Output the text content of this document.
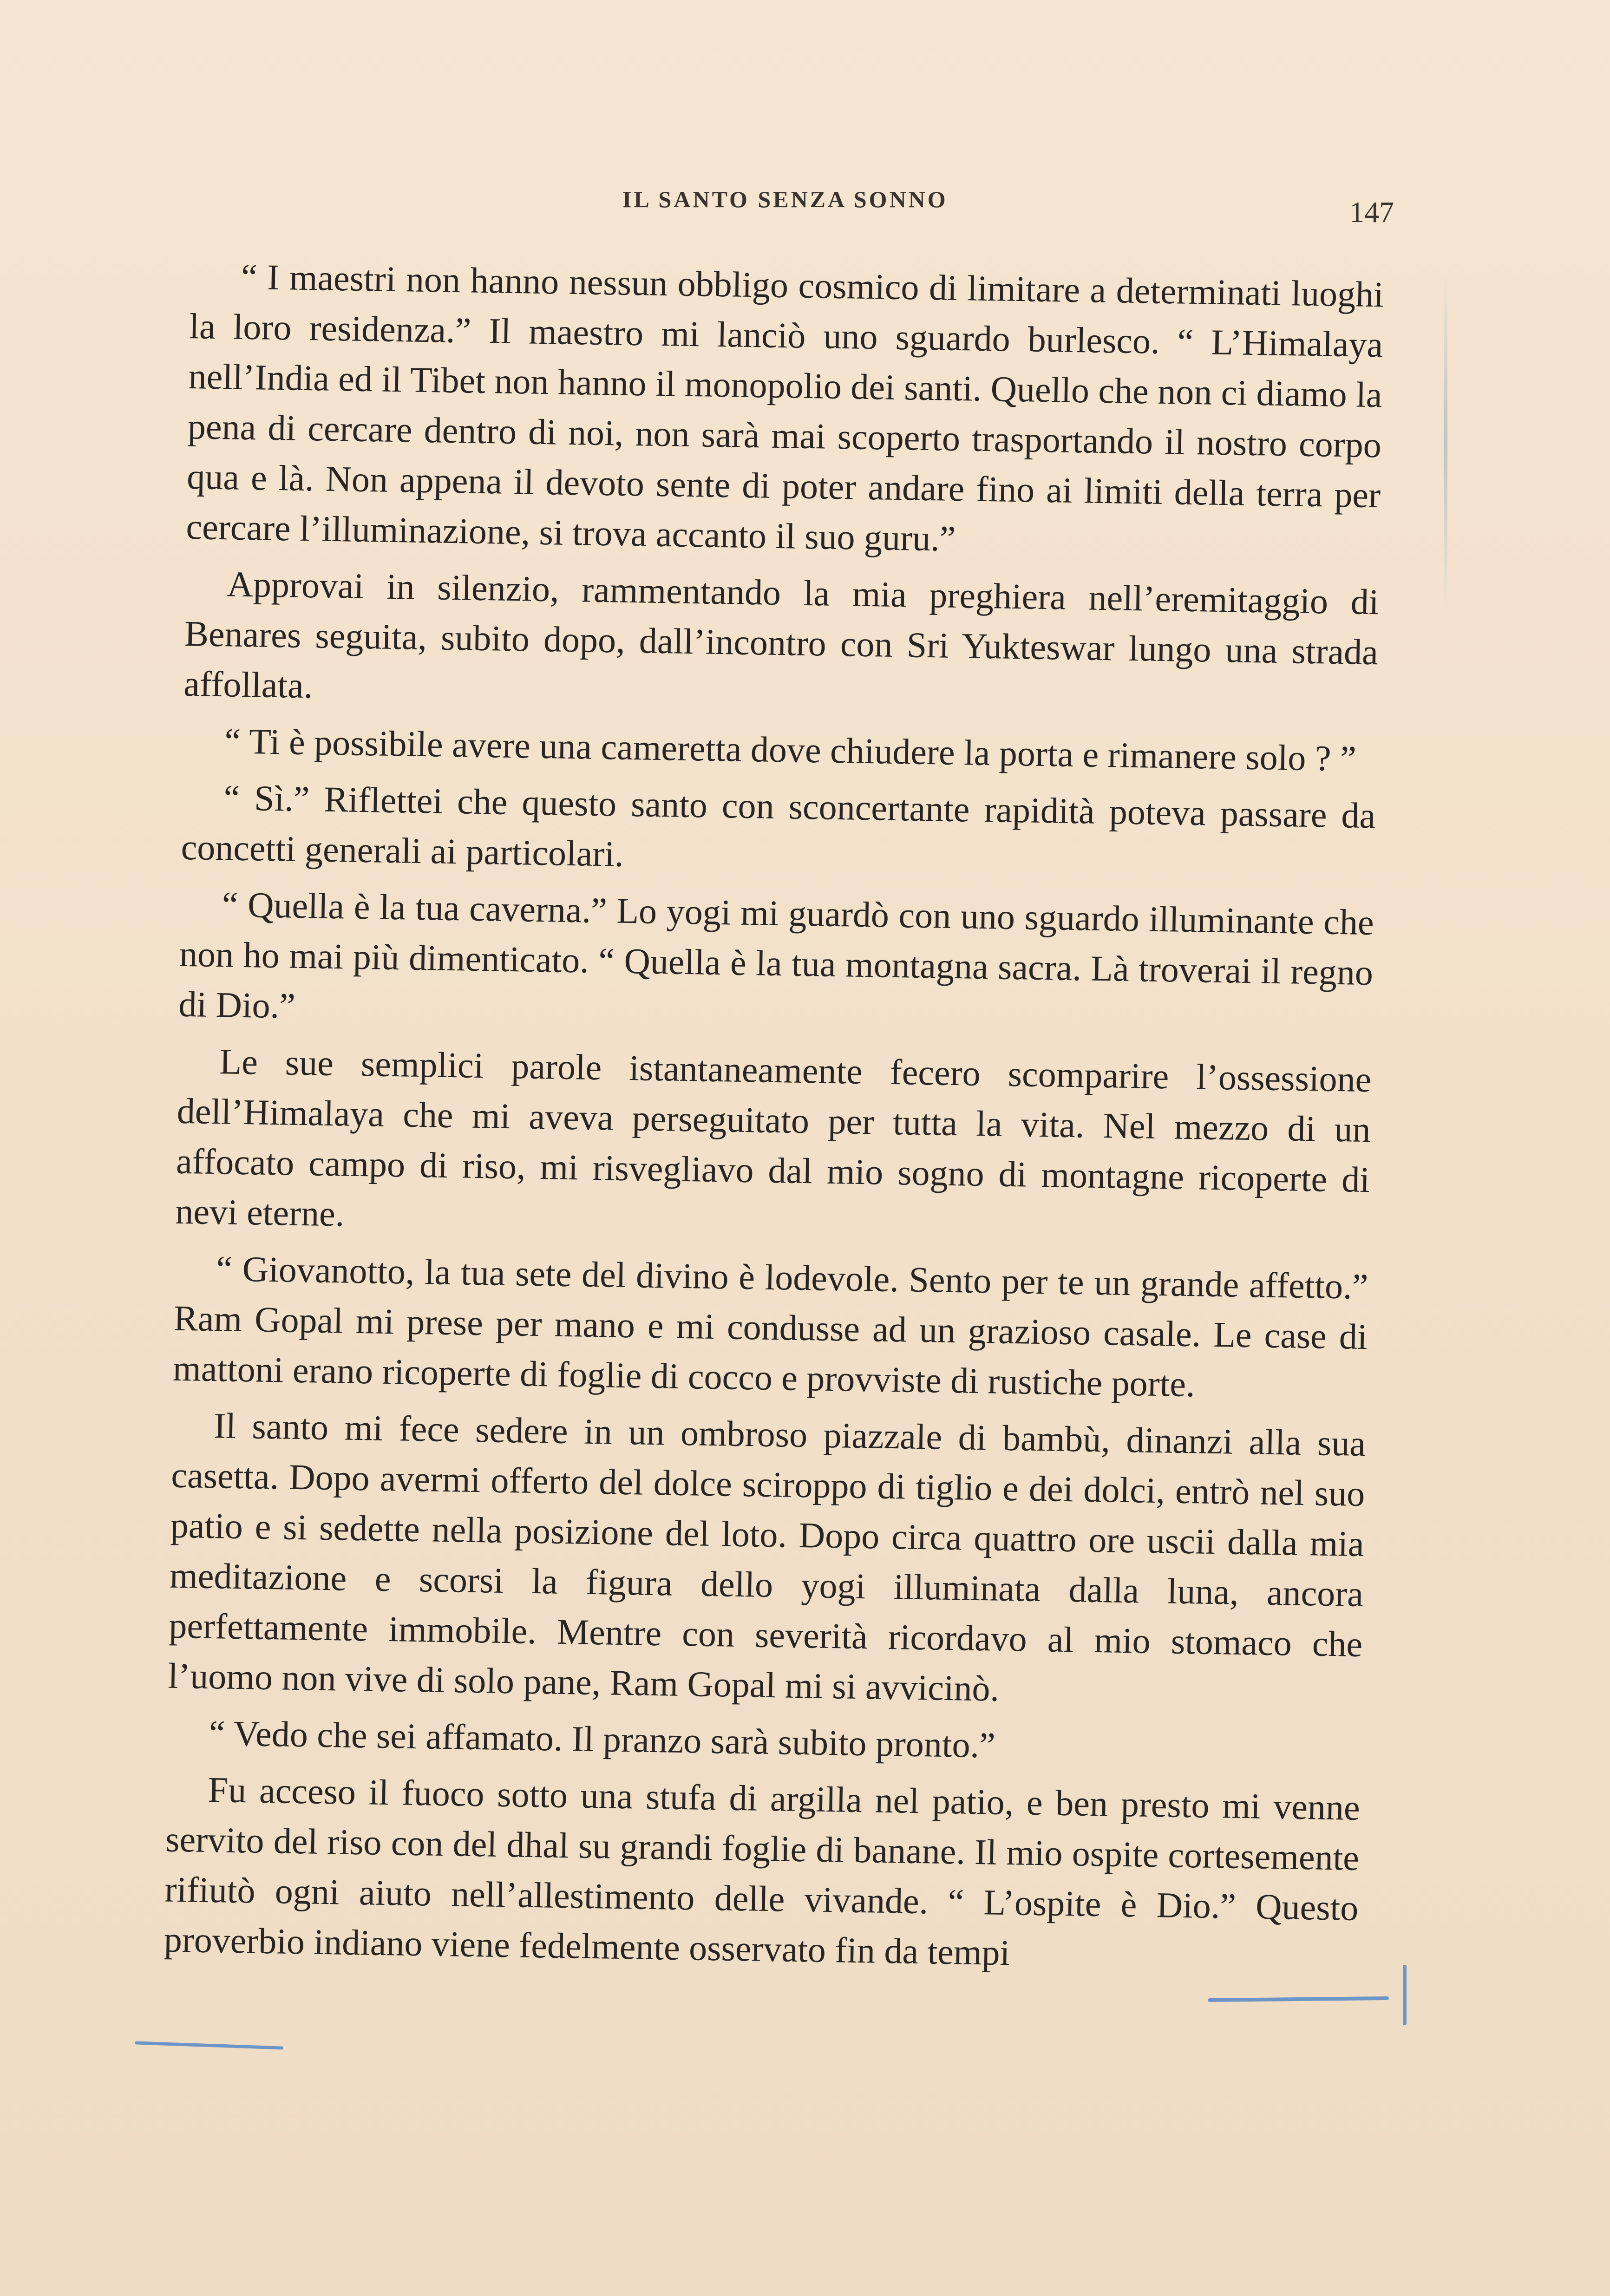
IL SANTO SENZA SONNO	147

“ I maestri non hanno nessun obbligo cosmico di limitare a determinati luoghi la loro residenza.” Il maestro mi lanciò uno sguardo burlesco. “ L’Himalaya nell’India ed il Tibet non hanno il monopolio dei santi. Quello che non ci diamo la pena di cercare dentro di noi, non sarà mai scoperto trasportando il nostro corpo qua e là. Non appena il devoto sente di poter andare fino ai limiti della terra per cercare l’illuminazione, si trova accanto il suo guru.”

Approvai in silenzio, rammentando la mia preghiera nell’eremitaggio di Benares seguita, subito dopo, dall’incontro con Sri Yukteswar lungo una strada affollata.

“ Ti è possibile avere una cameretta dove chiudere la porta e rimanere solo ? ”

“ Sì.” Riflettei che questo santo con sconcertante rapidità poteva passare da concetti generali ai particolari.

“ Quella è la tua caverna.” Lo yogi mi guardò con uno sguardo illuminante che non ho mai più dimenticato. “ Quella è la tua montagna sacra. Là troverai il regno di Dio.”

Le sue semplici parole istantaneamente fecero scomparire l’ossessione dell’Himalaya che mi aveva perseguitato per tutta la vita. Nel mezzo di un affocato campo di riso, mi risvegliavo dal mio sogno di montagne ricoperte di nevi eterne.

“ Giovanotto, la tua sete del divino è lodevole. Sento per te un grande affetto.” Ram Gopal mi prese per mano e mi condusse ad un grazioso casale. Le case di mattoni erano ricoperte di foglie di cocco e provviste di rustiche porte.

Il santo mi fece sedere in un ombroso piazzale di bambù, dinanzi alla sua casetta. Dopo avermi offerto del dolce sciroppo di tiglio e dei dolci, entrò nel suo patio e si sedette nella posizione del loto. Dopo circa quattro ore uscii dalla mia meditazione e scorsi la figura dello yogi illuminata dalla luna, ancora perfettamente immobile. Mentre con severità ricordavo al mio stomaco che l’uomo non vive di solo pane, Ram Gopal mi si avvicinò.

“ Vedo che sei affamato. Il pranzo sarà subito pronto.”

Fu acceso il fuoco sotto una stufa di argilla nel patio, e ben presto mi venne servito del riso con del dhal su grandi foglie di banane. Il mio ospite cortesemente rifiutò ogni aiuto nell’allestimento delle vivande. “ L’ospite è Dio.” Questo proverbio indiano viene fedelmente osservato fin da tempi
